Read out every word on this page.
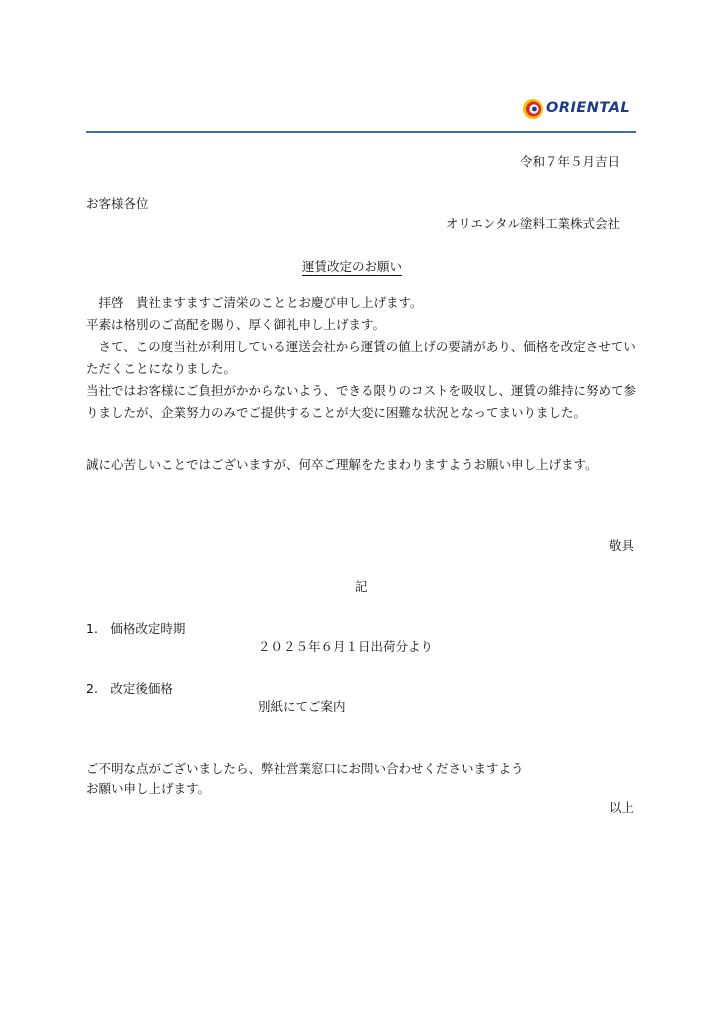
ORIENTAL

令和７年５月吉日

お客様各位

オリエンタル塗料工業株式会社

運賃改定のお願い

　拝啓　貴社ますますご清栄のこととお慶び申し上げます。

平素は格別のご高配を賜り、厚く御礼申し上げます。

　さて、この度当社が利用している運送会社から運賃の値上げの要請があり、価格を改定させていただくことになりました。

当社ではお客様にご負担がかからないよう、できる限りのコストを吸収し、運賃の維持に努めて参りましたが、企業努力のみでご提供することが大変に困難な状況となってまいりました。

誠に心苦しいことではございますが、何卒ご理解をたまわりますようお願い申し上げます。

敬具

記

1.　価格改定時期

２０２５年６月１日出荷分より

2.　改定後価格

別紙にてご案内

ご不明な点がございましたら、弊社営業窓口にお問い合わせくださいますよう

お願い申し上げます。

以上
